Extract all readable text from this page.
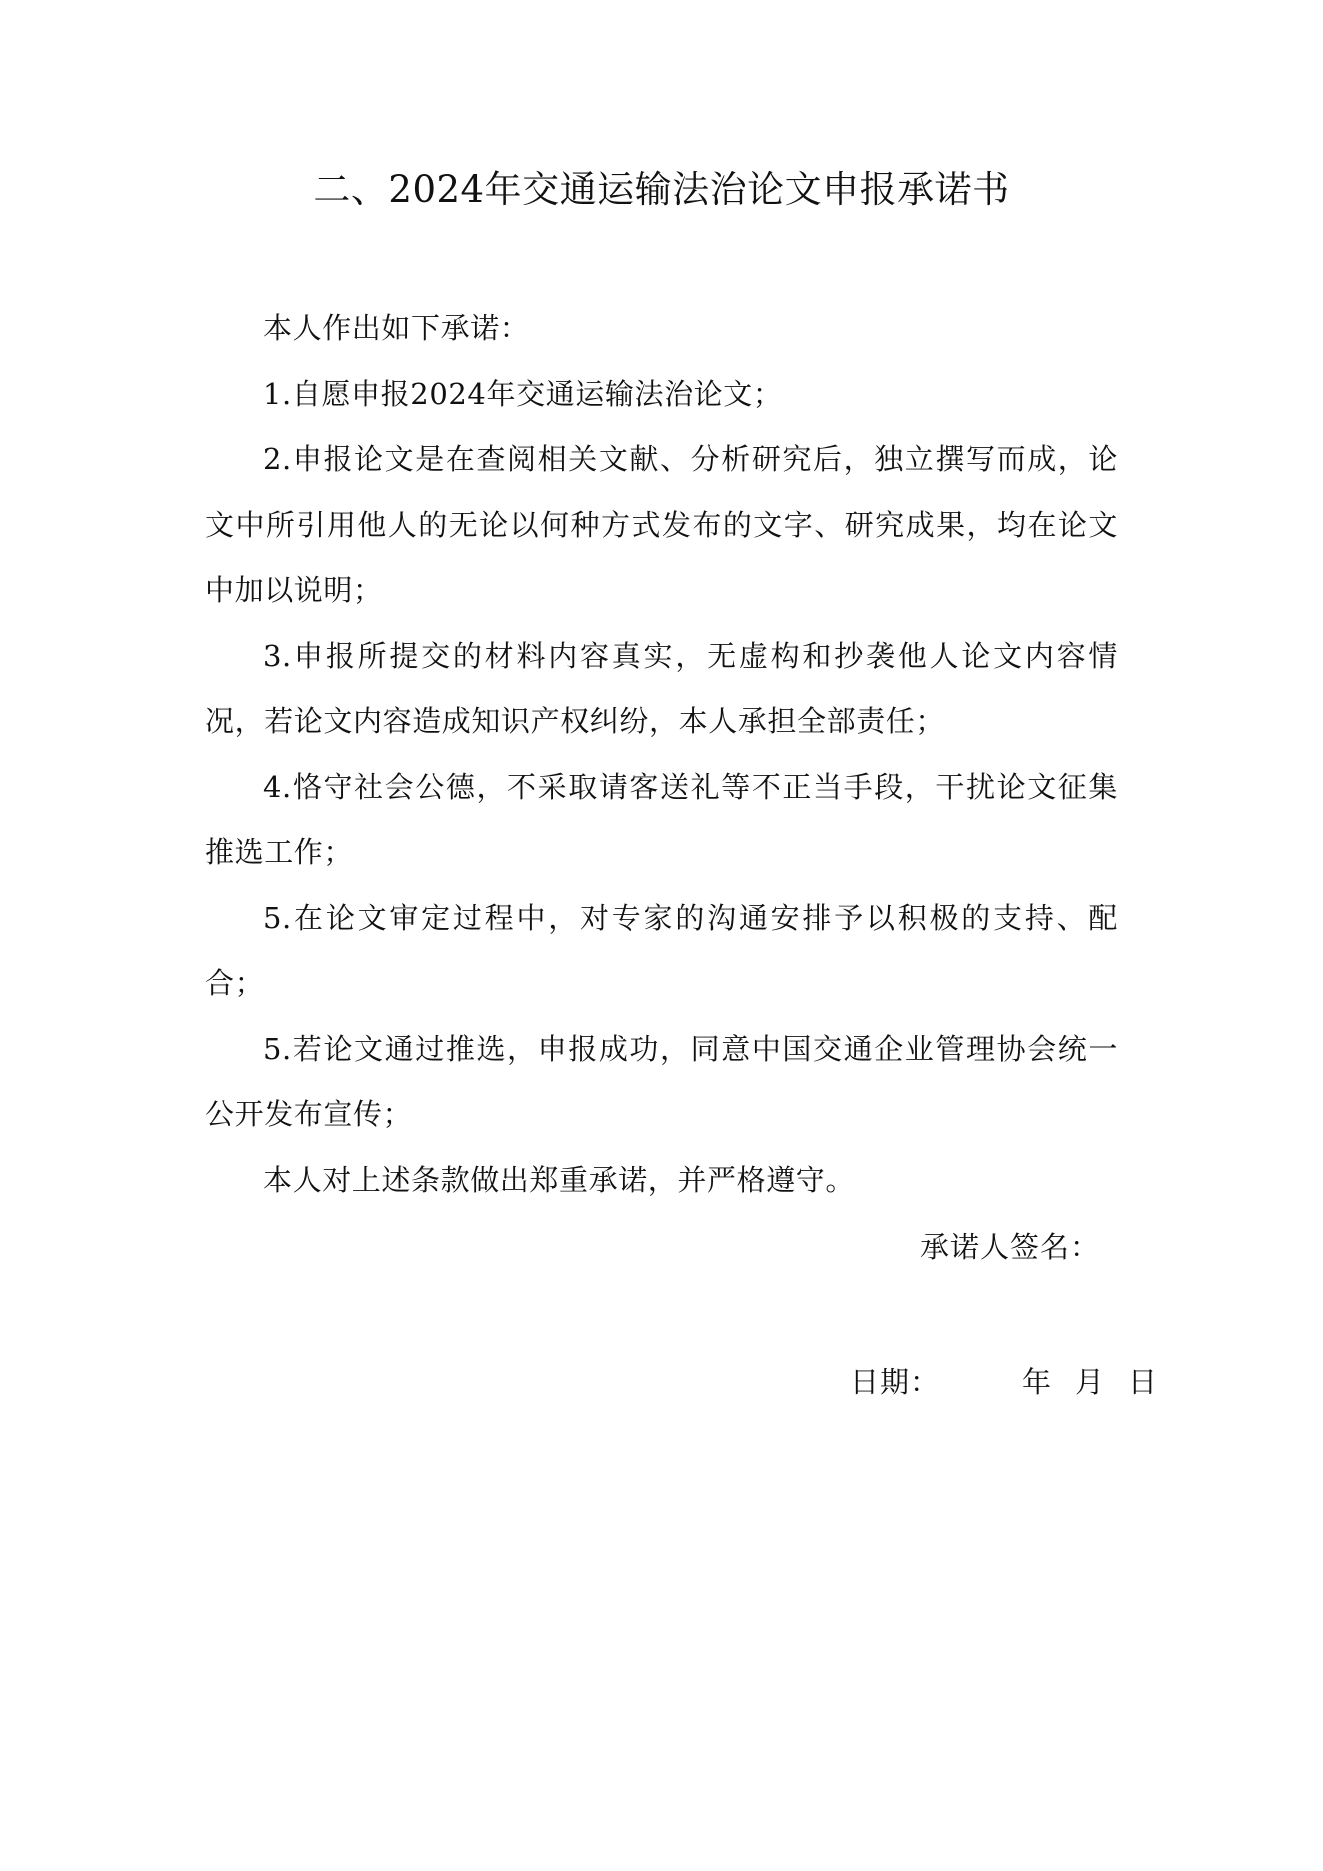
二、2024年交通运输法治论文申报承诺书

本人作出如下承诺：

1.自愿申报2024年交通运输法治论文；

2.申报论文是在查阅相关文献、分析研究后，独立撰写而成，论文中所引用他人的无论以何种方式发布的文字、研究成果，均在论文中加以说明；

3.申报所提交的材料内容真实，无虚构和抄袭他人论文内容情况，若论文内容造成知识产权纠纷，本人承担全部责任；

4.恪守社会公德，不采取请客送礼等不正当手段，干扰论文征集推选工作；

5.在论文审定过程中，对专家的沟通安排予以积极的支持、配合；

5.若论文通过推选，申报成功，同意中国交通企业管理协会统一公开发布宣传；

本人对上述条款做出郑重承诺，并严格遵守。

承诺人签名：
日期：	年 月 日
